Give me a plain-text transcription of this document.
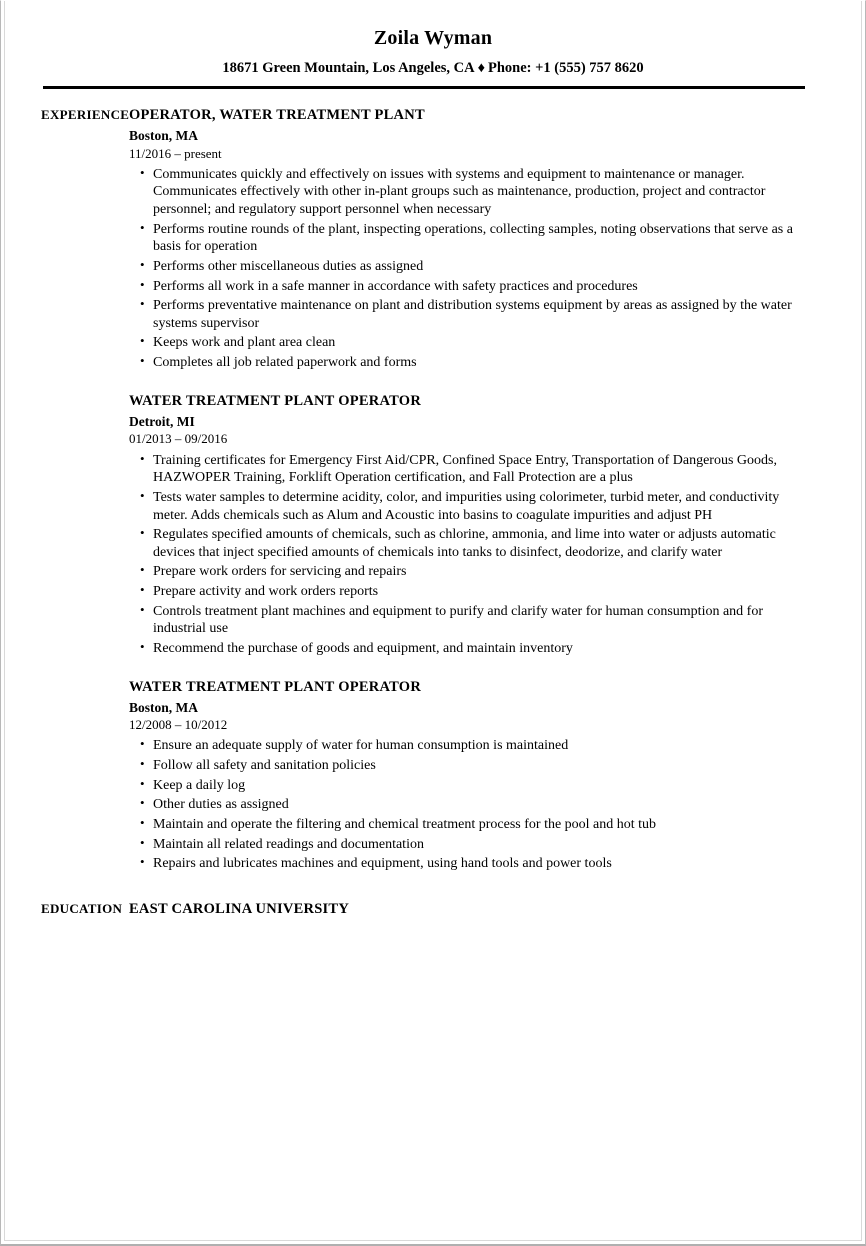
Zoila Wyman
18671 Green Mountain, Los Angeles, CA ♦ Phone: +1 (555) 757 8620
EXPERIENCE OPERATOR, WATER TREATMENT PLANT
Boston, MA
11/2016 – present
• Communicates quickly and effectively on issues with systems and equipment to maintenance or manager. Communicates effectively with other in-plant groups such as maintenance, production, project and contractor personnel; and regulatory support personnel when necessary
• Performs routine rounds of the plant, inspecting operations, collecting samples, noting observations that serve as a basis for operation
• Performs other miscellaneous duties as assigned
• Performs all work in a safe manner in accordance with safety practices and procedures
• Performs preventative maintenance on plant and distribution systems equipment by areas as assigned by the water systems supervisor
• Keeps work and plant area clean
• Completes all job related paperwork and forms
WATER TREATMENT PLANT OPERATOR
Detroit, MI
01/2013 – 09/2016
• Training certificates for Emergency First Aid/CPR, Confined Space Entry, Transportation of Dangerous Goods, HAZWOPER Training, Forklift Operation certification, and Fall Protection are a plus
• Tests water samples to determine acidity, color, and impurities using colorimeter, turbid meter, and conductivity meter. Adds chemicals such as Alum and Acoustic into basins to coagulate impurities and adjust PH
• Regulates specified amounts of chemicals, such as chlorine, ammonia, and lime into water or adjusts automatic devices that inject specified amounts of chemicals into tanks to disinfect, deodorize, and clarify water
• Prepare work orders for servicing and repairs
• Prepare activity and work orders reports
• Controls treatment plant machines and equipment to purify and clarify water for human consumption and for industrial use
• Recommend the purchase of goods and equipment, and maintain inventory
WATER TREATMENT PLANT OPERATOR
Boston, MA
12/2008 – 10/2012
• Ensure an adequate supply of water for human consumption is maintained
• Follow all safety and sanitation policies
• Keep a daily log
• Other duties as assigned
• Maintain and operate the filtering and chemical treatment process for the pool and hot tub
• Maintain all related readings and documentation
• Repairs and lubricates machines and equipment, using hand tools and power tools
EDUCATION EAST CAROLINA UNIVERSITY
